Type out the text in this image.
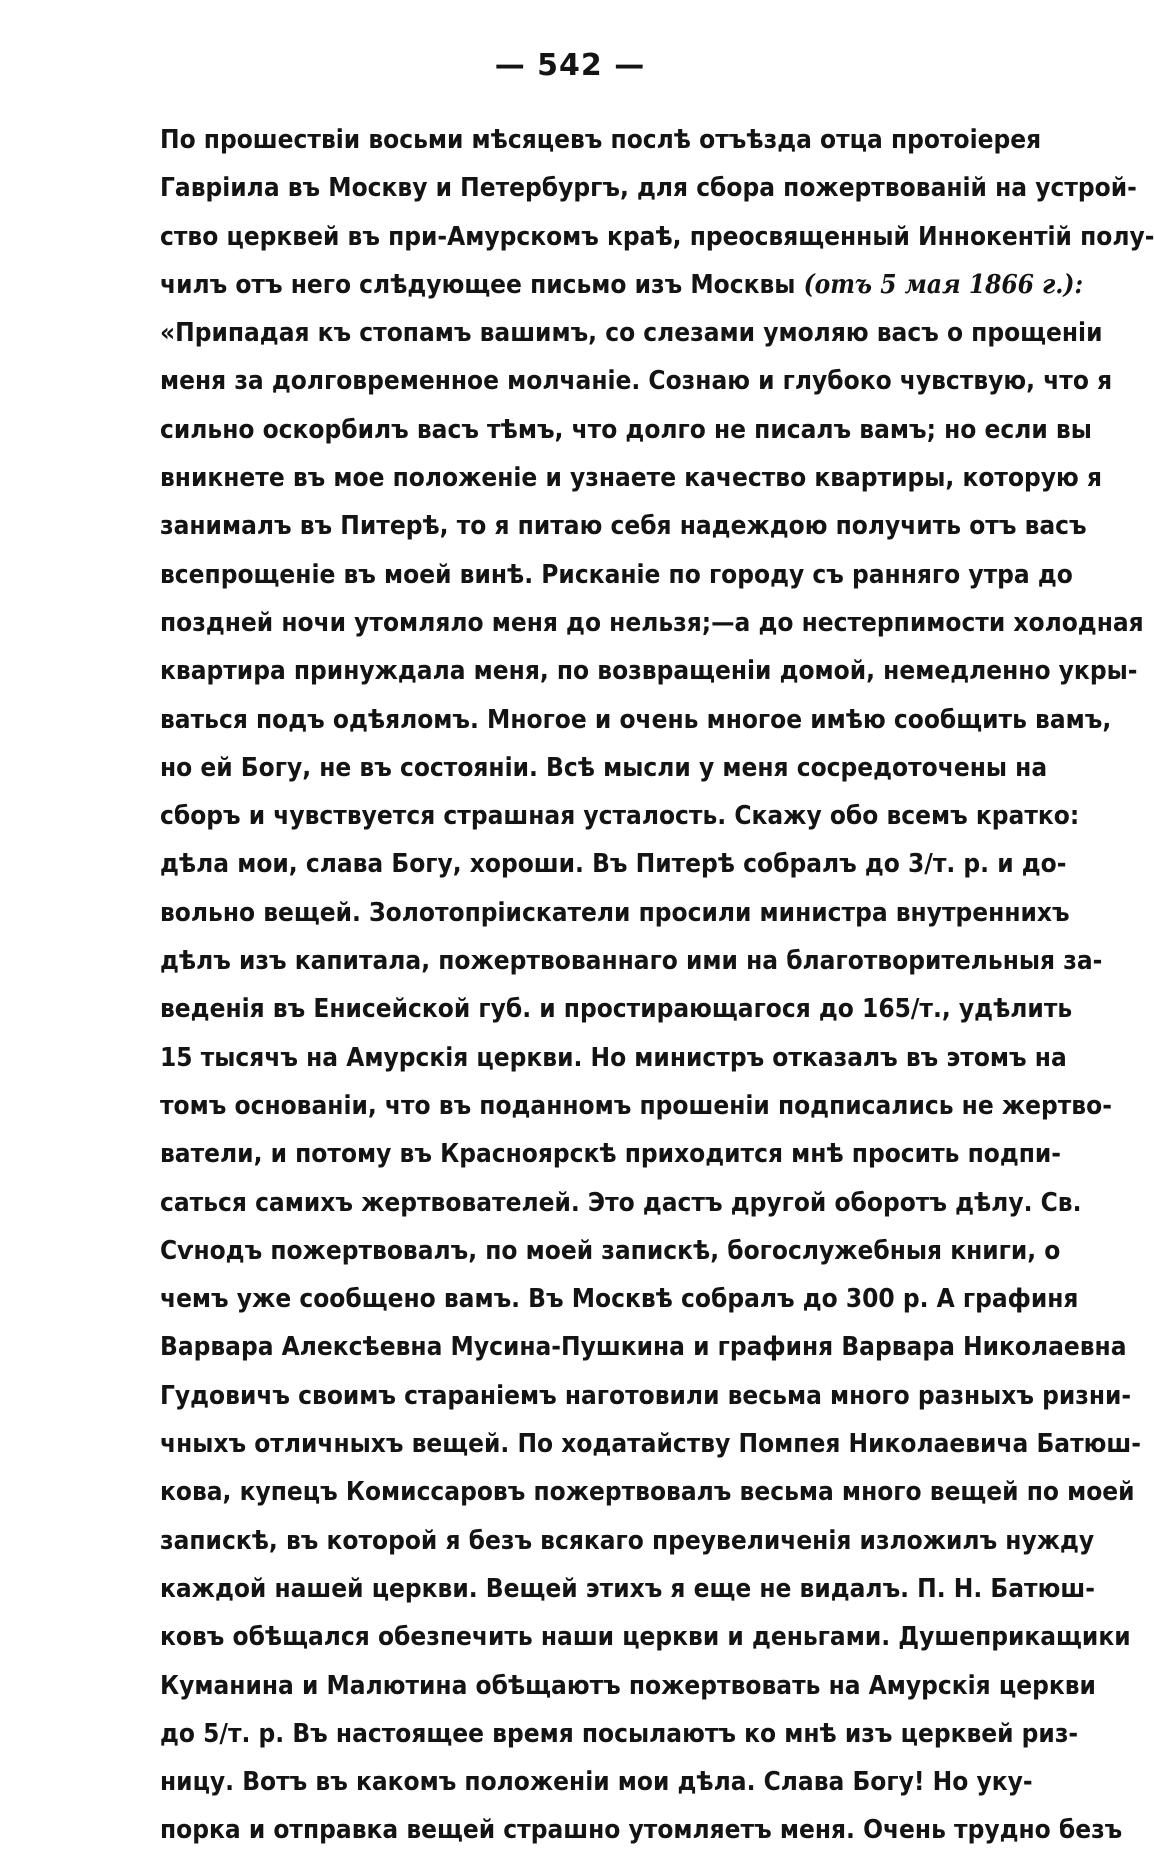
— 542 —
По прошествіи восьми мѣсяцевъ послѣ отъѣзда отца протоіерея
Гавріила въ Москву и Петербургъ, для сбора пожертвованій на устрой-
ство церквей въ при-Амурскомъ краѣ, преосвященный Иннокентій полу-
чилъ отъ него слѣдующее письмо изъ Москвы (отъ 5 мая 1866 г.):
«Припадая къ стопамъ вашимъ, со слезами умоляю васъ о прощеніи
меня за долговременное молчаніе. Сознаю и глубоко чувствую, что я
сильно оскорбилъ васъ тѣмъ, что долго не писалъ вамъ; но если вы
вникнете въ мое положеніе и узнаете качество квартиры, которую я
занималъ въ Питерѣ, то я питаю себя надеждою получить отъ васъ
всепрощеніе въ моей винѣ. Рисканіе по городу съ ранняго утра до
поздней ночи утомляло меня до нельзя;—а до нестерпимости холодная
квартира принуждала меня, по возвращеніи домой, немедленно укры-
ваться подъ одѣяломъ. Многое и очень многое имѣю сообщить вамъ,
но ей Богу, не въ состояніи. Всѣ мысли у меня сосредоточены на
сборъ и чувствуется страшная усталость. Скажу обо всемъ кратко:
дѣла мои, слава Богу, хороши. Въ Питерѣ собралъ до 3/т. р. и до-
вольно вещей. Золотопріискатели просили министра внутреннихъ
дѣлъ изъ капитала, пожертвованнаго ими на благотворительныя за-
веденія въ Енисейской губ. и простирающагося до 165/т., удѣлить
15 тысячъ на Амурскія церкви. Но министръ отказалъ въ этомъ на
томъ основаніи, что въ поданномъ прошеніи подписались не жертво-
ватели, и потому въ Красноярскѣ приходится мнѣ просить подпи-
саться самихъ жертвователей. Это дастъ другой оборотъ дѣлу. Св.
Сѵнодъ пожертвовалъ, по моей запискѣ, богослужебныя книги, о
чемъ уже сообщено вамъ. Въ Москвѣ собралъ до 300 р. А графиня
Варвара Алексѣевна Мусина-Пушкина и графиня Варвара Николаевна
Гудовичъ своимъ стараніемъ наготовили весьма много разныхъ ризни-
чныхъ отличныхъ вещей. По ходатайству Помпея Николаевича Батюш-
кова, купецъ Комиссаровъ пожертвовалъ весьма много вещей по моей
запискѣ, въ которой я безъ всякаго преувеличенія изложилъ нужду
каждой нашей церкви. Вещей этихъ я еще не видалъ. П. Н. Батюш-
ковъ обѣщался обезпечить наши церкви и деньгами. Душеприкащики
Куманина и Малютина обѣщаютъ пожертвовать на Амурскія церкви
до 5/т. р. Въ настоящее время посылаютъ ко мнѣ изъ церквей риз-
ницу. Вотъ въ какомъ положеніи мои дѣла. Слава Богу! Но уку-
порка и отправка вещей страшно утомляетъ меня. Очень трудно безъ
